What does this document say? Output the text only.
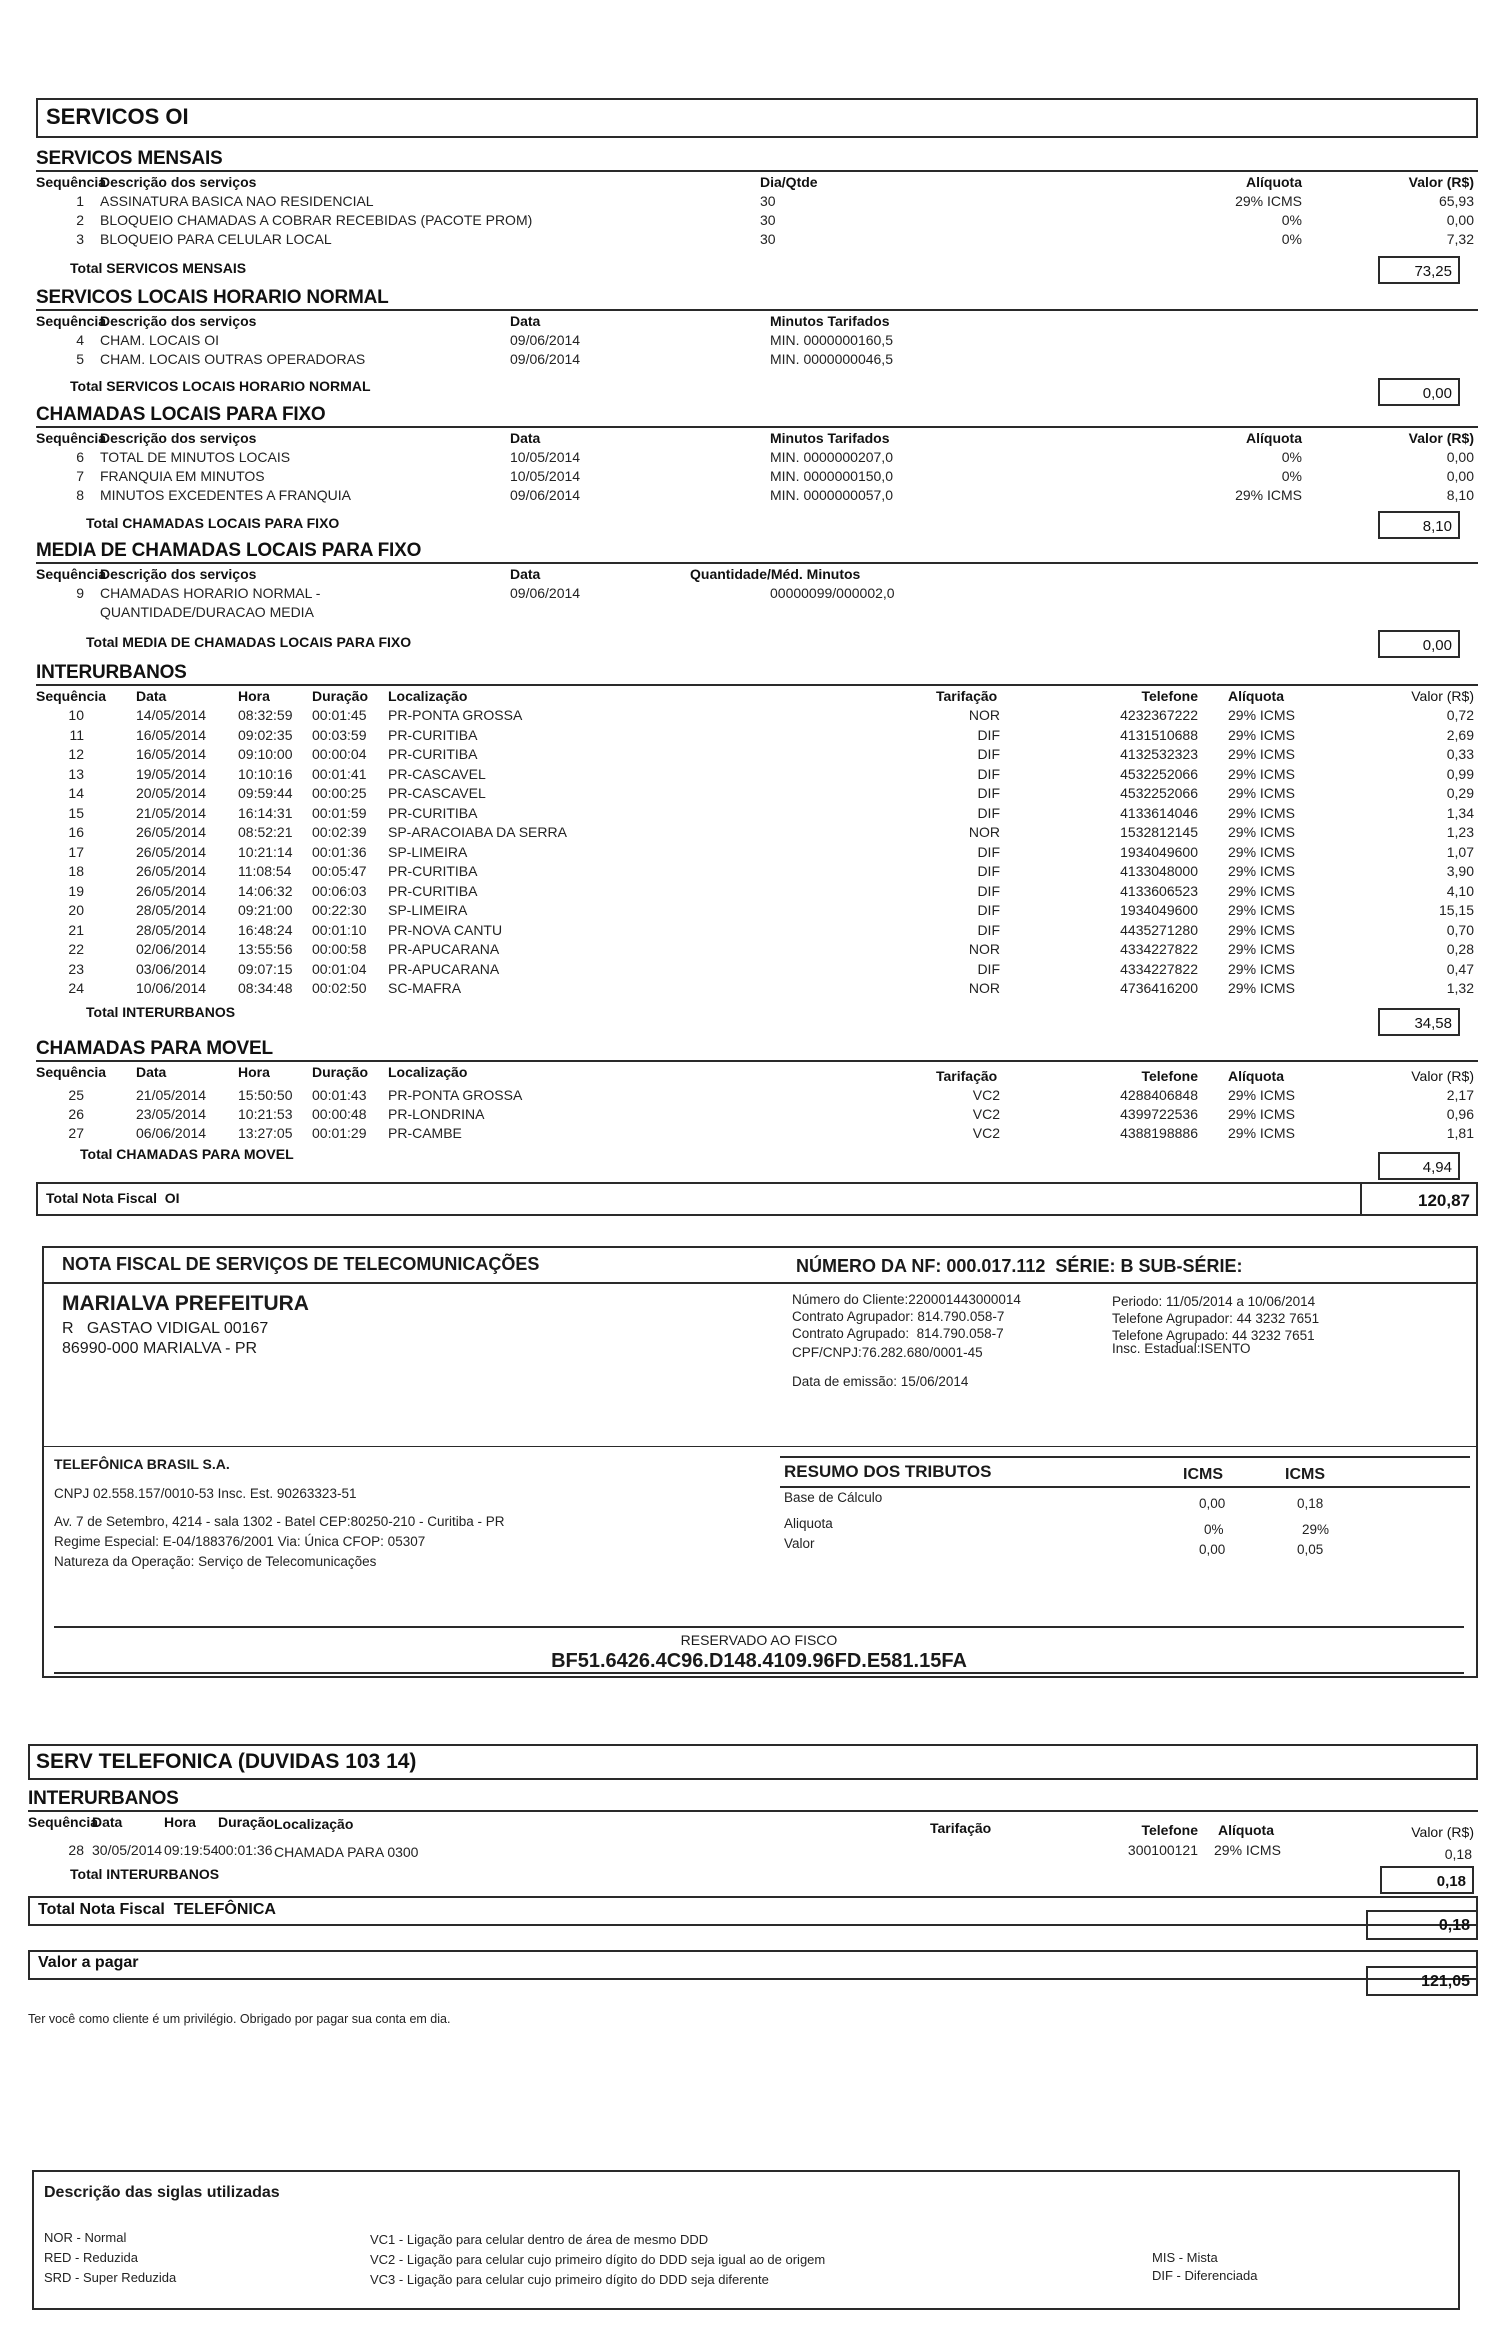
SERVICOS OI
SERVICOS MENSAIS
Sequência
Descrição dos serviços	Dia/Qtde	Alíquota	Valor (R$)
1 ASSINATURA BASICA NAO RESIDENCIAL	30	29% ICMS	65,93
2 BLOQUEIO CHAMADAS A COBRAR RECEBIDAS (PACOTE PROM)	30	0%	0,00
3 BLOQUEIO PARA CELULAR LOCAL	30	0%	7,32
Total SERVICOS MENSAIS	73,25
SERVICOS LOCAIS HORARIO NORMAL
Sequência
Descrição dos serviços	Data	Minutos Tarifados
4 CHAM. LOCAIS OI	09/06/2014	MIN. 0000000160,5
5 CHAM. LOCAIS OUTRAS OPERADORAS	09/06/2014	MIN. 0000000046,5
Total SERVICOS LOCAIS HORARIO NORMAL	0,00
CHAMADAS LOCAIS PARA FIXO
Sequência
Descrição dos serviços	Data	Minutos Tarifados	Alíquota	Valor (R$)
6 TOTAL DE MINUTOS LOCAIS	10/05/2014	MIN. 0000000207,0	0%	0,00
7 FRANQUIA EM MINUTOS	10/05/2014	MIN. 0000000150,0	0%	0,00
8 MINUTOS EXCEDENTES A FRANQUIA	09/06/2014	MIN. 0000000057,0	29% ICMS	8,10
Total CHAMADAS LOCAIS PARA FIXO	8,10
MEDIA DE CHAMADAS LOCAIS PARA FIXO
Sequência
Descrição dos serviços	Data	Quantidade/Méd. Minutos
9 CHAMADAS HORARIO NORMAL -	09/06/2014	00000099/000002,0
QUANTIDADE/DURACAO MEDIA
Total MEDIA DE CHAMADAS LOCAIS PARA FIXO	0,00
INTERURBANOS
Sequência Data	Hora	Duração Localização	Tarifação	Telefone Alíquota	Valor (R$)
10	14/05/2014 08:32:59 00:01:45 PR-PONTA GROSSA	NOR	4232367222 29% ICMS	0,72
11	16/05/2014 09:02:35 00:03:59 PR-CURITIBA	DIF	4131510688 29% ICMS	2,69
12	16/05/2014 09:10:00 00:00:04 PR-CURITIBA	DIF	4132532323 29% ICMS	0,33
13	19/05/2014 10:10:16 00:01:41 PR-CASCAVEL	DIF	4532252066 29% ICMS	0,99
14	20/05/2014 09:59:44 00:00:25 PR-CASCAVEL	DIF	4532252066 29% ICMS	0,29
15	21/05/2014 16:14:31 00:01:59 PR-CURITIBA	DIF	4133614046 29% ICMS	1,34
16	26/05/2014 08:52:21 00:02:39 SP-ARACOIABA DA SERRA	NOR	1532812145 29% ICMS	1,23
17	26/05/2014 10:21:14 00:01:36 SP-LIMEIRA	DIF	1934049600 29% ICMS	1,07
18	26/05/2014 11:08:54 00:05:47 PR-CURITIBA	DIF	4133048000 29% ICMS	3,90
19	26/05/2014 14:06:32 00:06:03 PR-CURITIBA	DIF	4133606523 29% ICMS	4,10
20	28/05/2014 09:21:00 00:22:30 SP-LIMEIRA	DIF	1934049600 29% ICMS	15,15
21	28/05/2014 16:48:24 00:01:10 PR-NOVA CANTU	DIF	4435271280 29% ICMS	0,70
22	02/06/2014 13:55:56 00:00:58 PR-APUCARANA	NOR	4334227822 29% ICMS	0,28
23	03/06/2014 09:07:15 00:01:04 PR-APUCARANA	DIF	4334227822 29% ICMS	0,47
24	10/06/2014 08:34:48 00:02:50 SC-MAFRA	NOR	4736416200 29% ICMS	1,32
Total INTERURBANOS
34,58
CHAMADAS PARA MOVEL
Sequência Data	Hora	Duração Localização	Tarifação	Telefone Alíquota	Valor (R$)
25	21/05/2014 15:50:50 00:01:43 PR-PONTA GROSSA	VC2	4288406848 29% ICMS	2,17
26	23/05/2014 10:21:53 00:00:48 PR-LONDRINA	VC2	4399722536 29% ICMS	0,96
27	06/06/2014 13:27:05 00:01:29 PR-CAMBE	VC2	4388198886 29% ICMS	1,81
Total CHAMADAS PARA MOVEL
4,94
Total Nota Fiscal  OI	120,87
NOTA FISCAL DE SERVIÇOS DE TELECOMUNICAÇÕES	NÚMERO DA NF: 000.017.112  SÉRIE: B SUB-SÉRIE:
MARIALVA PREFEITURA
R   GASTAO VIDIGAL 00167
86990-000 MARIALVA - PR
Número do Cliente:220001443000014
Contrato Agrupador: 814.790.058-7
Contrato Agrupado:  814.790.058-7
CPF/CNPJ:76.282.680/0001-45
Periodo: 11/05/2014 a 10/06/2014
Telefone Agrupador: 44 3232 7651
Telefone Agrupado: 44 3232 7651
Insc. Estadual:ISENTO
Data de emissão: 15/06/2014
TELEFÔNICA BRASIL S.A.
CNPJ 02.558.157/0010-53 Insc. Est. 90263323-51
Av. 7 de Setembro, 4214 - sala 1302 - Batel CEP:80250-210 - Curitiba - PR
Regime Especial: E-04/188376/2001 Via: Única CFOP: 05307
Natureza da Operação: Serviço de Telecomunicações
RESUMO DOS TRIBUTOS	ICMS	ICMS
Base de Cálculo	0,00	0,18
Aliquota	0%	29%
Valor	0,00	0,05
RESERVADO AO FISCO
BF51.6426.4C96.D148.4109.96FD.E581.15FA
SERV TELEFONICA (DUVIDAS 103 14)
INTERURBANOS
Sequência
Data	Hora Duração Localização	Tarifação	Telefone Alíquota	Valor (R$)
28 30/05/2014 09:19:54 00:01:36 CHAMADA PARA 0300	300100121 29% ICMS	0,18
Total INTERURBANOS	0,18
Total Nota Fiscal  TELEFÔNICA
0,18
Valor a pagar
121,05
Ter você como cliente é um privilégio. Obrigado por pagar sua conta em dia.
Descrição das siglas utilizadas
NOR - Normal
RED - Reduzida
SRD - Super Reduzida
VC1 - Ligação para celular dentro de área de mesmo DDD
VC2 - Ligação para celular cujo primeiro dígito do DDD seja igual ao de origem
VC3 - Ligação para celular cujo primeiro dígito do DDD seja diferente
MIS - Mista
DIF - Diferenciada
